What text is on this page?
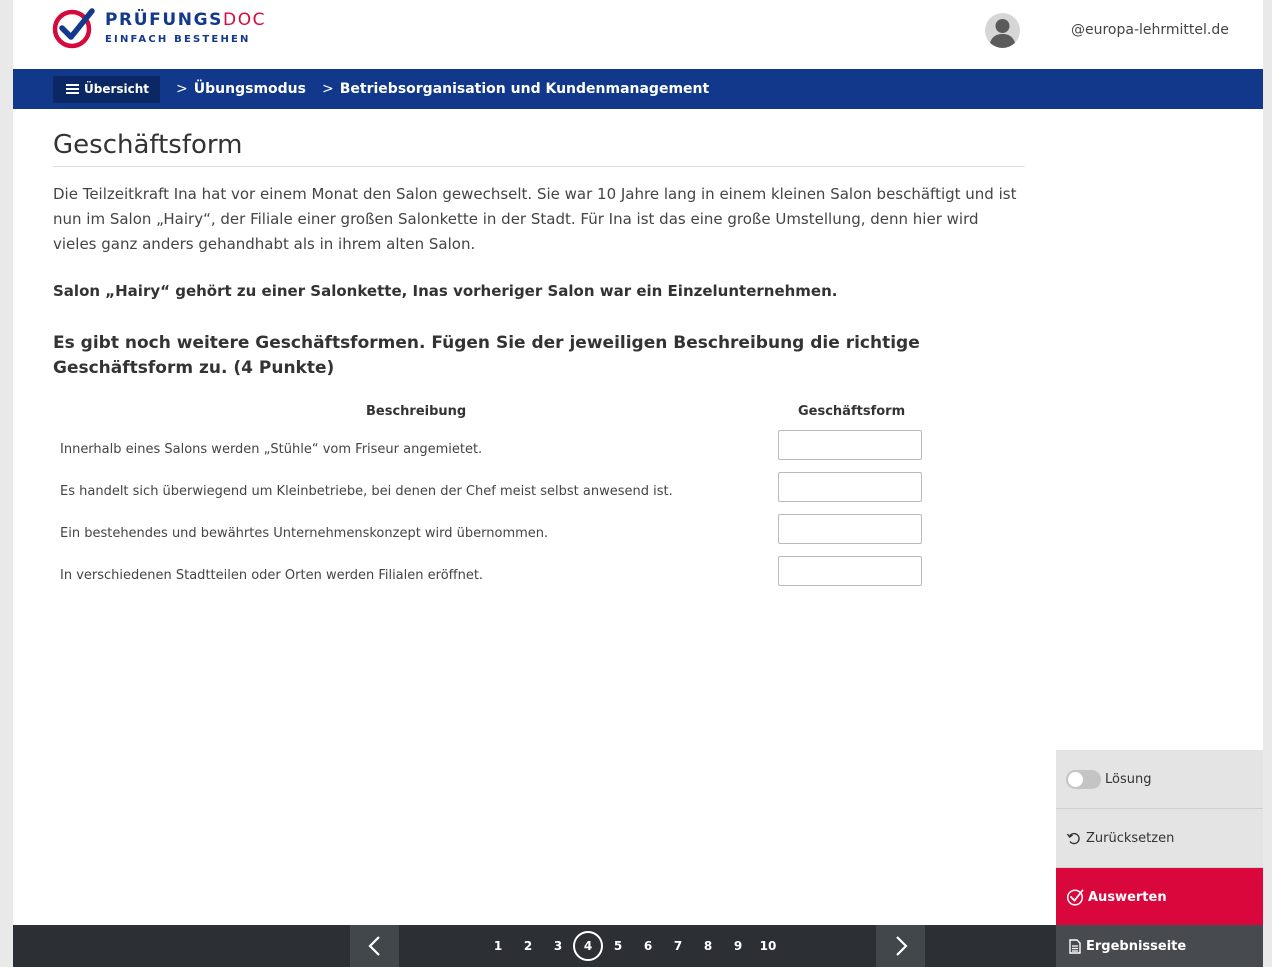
PRÜFUNGSDOC
EINFACH BESTEHEN
@europa-lehrmittel.de
Übersicht > Übungsmodus > Betriebsorganisation und Kundenmanagement
Geschäftsform

Die Teilzeitkraft Ina hat vor einem Monat den Salon gewechselt. Sie war 10 Jahre lang in einem kleinen Salon beschäftigt und ist nun im Salon „Hairy“, der Filiale einer großen Salonkette in der Stadt. Für Ina ist das eine große Umstellung, denn hier wird vieles ganz anders gehandhabt als in ihrem alten Salon.

Salon „Hairy“ gehört zu einer Salonkette, Inas vorheriger Salon war ein Einzelunternehmen.

Es gibt noch weitere Geschäftsformen. Fügen Sie der jeweiligen Beschreibung die richtige Geschäftsform zu. (4 Punkte)

Beschreibung	Geschäftsform
Innerhalb eines Salons werden „Stühle“ vom Friseur angemietet.
Es handelt sich überwiegend um Kleinbetriebe, bei denen der Chef meist selbst anwesend ist.
Ein bestehendes und bewährtes Unternehmenskonzept wird übernommen.
In verschiedenen Stadtteilen oder Orten werden Filialen eröffnet.
Lösung
Zurücksetzen
Auswerten
1	2	3	4	5	6	7	8	9	10	Ergebnisseite
